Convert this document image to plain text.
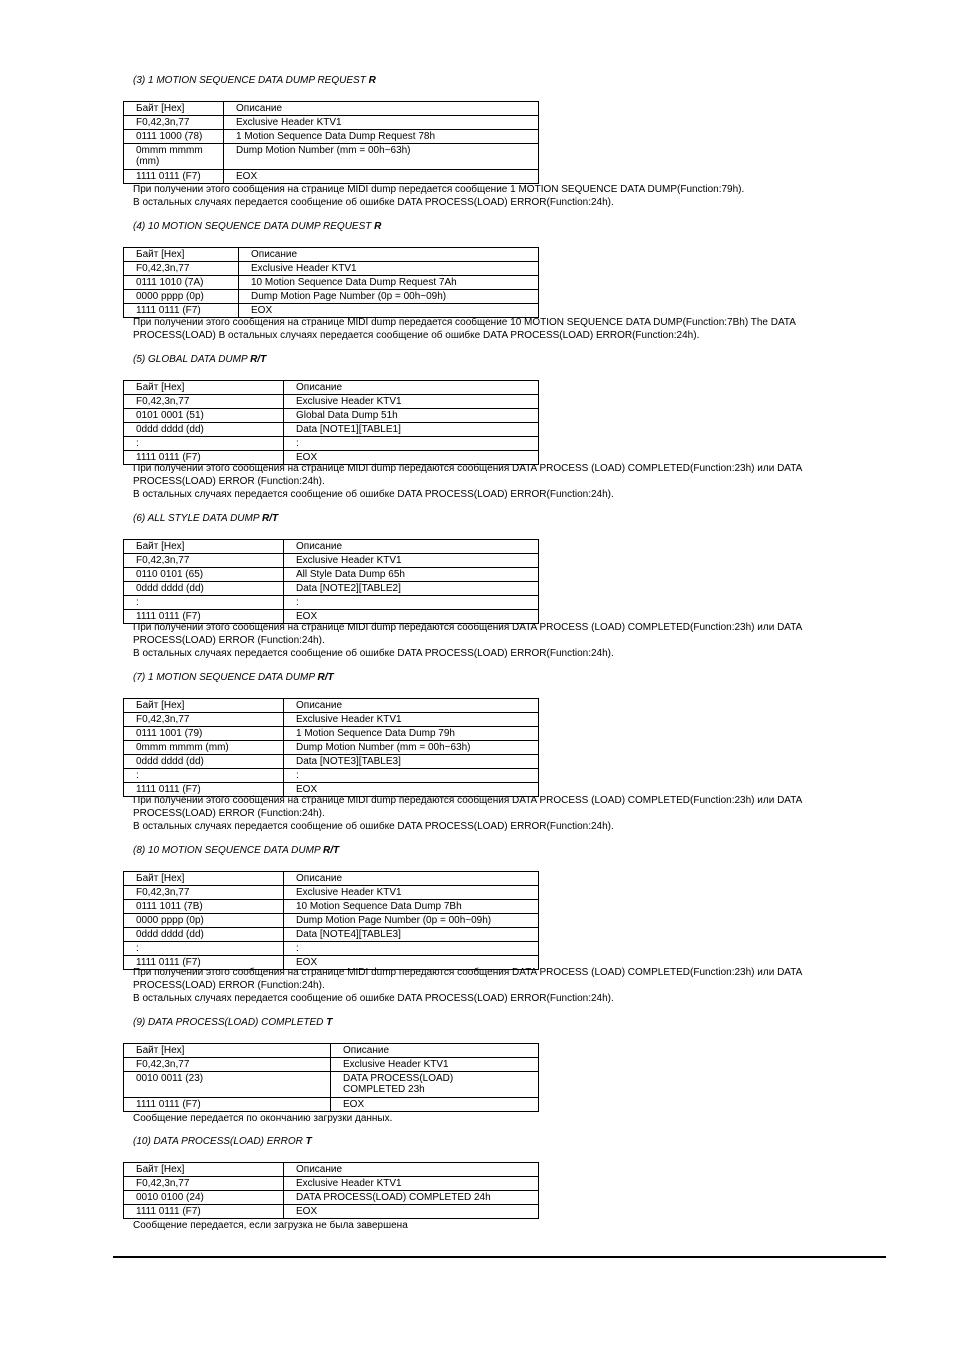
(3) 1 MOTION SEQUENCE DATA DUMP REQUEST R
Байт [Hex]	Описание
F0,42,3n,77	Exclusive Header KTV1
0111 1000 (78)	1 Motion Sequence Data Dump Request 78h
0mmm mmmm
(mm)	Dump Motion Number (mm = 00h~63h)
1111 0111 (F7)	EOX
При получении этого сообщения на странице MIDI dump передается сообщение 1 MOTION SEQUENCE DATA DUMP(Function:79h).
В остальных случаях передается сообщение об ошибке DATA PROCESS(LOAD) ERROR(Function:24h).
(4) 10 MOTION SEQUENCE DATA DUMP REQUEST R
Байт [Hex]	Описание
F0,42,3n,77	Exclusive Header KTV1
0111 1010 (7A)	10 Motion Sequence Data Dump Request 7Ah
0000 pppp (0p)	Dump Motion Page Number (0p = 00h~09h)
1111 0111 (F7)	EOX
При получении этого сообщения на странице MIDI dump передается сообщение 10 MOTION SEQUENCE DATA DUMP(Function:7Bh) The DATA PROCESS(LOAD) В остальных случаях передается сообщение об ошибке DATA PROCESS(LOAD) ERROR(Function:24h).
(5) GLOBAL DATA DUMP R/T
Байт [Hex]	Описание
F0,42,3n,77	Exclusive Header KTV1
0101 0001 (51)	Global Data Dump 51h
0ddd dddd (dd)	Data [NOTE1][TABLE1]
:	:
1111 0111 (F7)	EOX
При получении этого сообщения на странице MIDI dump передаются сообщения DATA PROCESS (LOAD) COMPLETED(Function:23h) или DATA PROCESS(LOAD) ERROR (Function:24h).
В остальных случаях передается сообщение об ошибке DATA PROCESS(LOAD) ERROR(Function:24h).
(6) ALL STYLE DATA DUMP R/T
Байт [Hex]	Описание
F0,42,3n,77	Exclusive Header KTV1
0110 0101 (65)	All Style Data Dump 65h
0ddd dddd (dd)	Data [NOTE2][TABLE2]
:	:
1111 0111 (F7)	EOX
При получении этого сообщения на странице MIDI dump передаются сообщения DATA PROCESS (LOAD) COMPLETED(Function:23h) или DATA PROCESS(LOAD) ERROR (Function:24h).
В остальных случаях передается сообщение об ошибке DATA PROCESS(LOAD) ERROR(Function:24h).
(7) 1 MOTION SEQUENCE DATA DUMP R/T
Байт [Hex]	Описание
F0,42,3n,77	Exclusive Header KTV1
0111 1001 (79)	1 Motion Sequence Data Dump 79h
0mmm mmmm (mm)	Dump Motion Number (mm = 00h~63h)
0ddd dddd (dd)	Data [NOTE3][TABLE3]
:	:
1111 0111 (F7)	EOX
При получении этого сообщения на странице MIDI dump передаются сообщения DATA PROCESS (LOAD) COMPLETED(Function:23h) или DATA PROCESS(LOAD) ERROR (Function:24h).
В остальных случаях передается сообщение об ошибке DATA PROCESS(LOAD) ERROR(Function:24h).
(8) 10 MOTION SEQUENCE DATA DUMP R/T
Байт [Hex]	Описание
F0,42,3n,77	Exclusive Header KTV1
0111 1011 (7B)	10 Motion Sequence Data Dump 7Bh
0000 pppp (0p)	Dump Motion Page Number (0p = 00h~09h)
0ddd dddd (dd)	Data [NOTE4][TABLE3]
:	:
1111 0111 (F7)	EOX
При получении этого сообщения на странице MIDI dump передаются сообщения DATA PROCESS (LOAD) COMPLETED(Function:23h) или DATA PROCESS(LOAD) ERROR (Function:24h).
В остальных случаях передается сообщение об ошибке DATA PROCESS(LOAD) ERROR(Function:24h).
(9) DATA PROCESS(LOAD) COMPLETED T
Байт [Hex]	Описание
F0,42,3n,77	Exclusive Header KTV1
0010 0011 (23)	DATA PROCESS(LOAD)
COMPLETED 23h
1111 0111 (F7)	EOX
Сообщение передается по окончанию загрузки данных.
(10) DATA PROCESS(LOAD) ERROR T
Байт [Hex]	Описание
F0,42,3n,77	Exclusive Header KTV1
0010 0100 (24)	DATA PROCESS(LOAD) COMPLETED 24h
1111 0111 (F7)	EOX
Сообщение передается, если загрузка не была завершена
